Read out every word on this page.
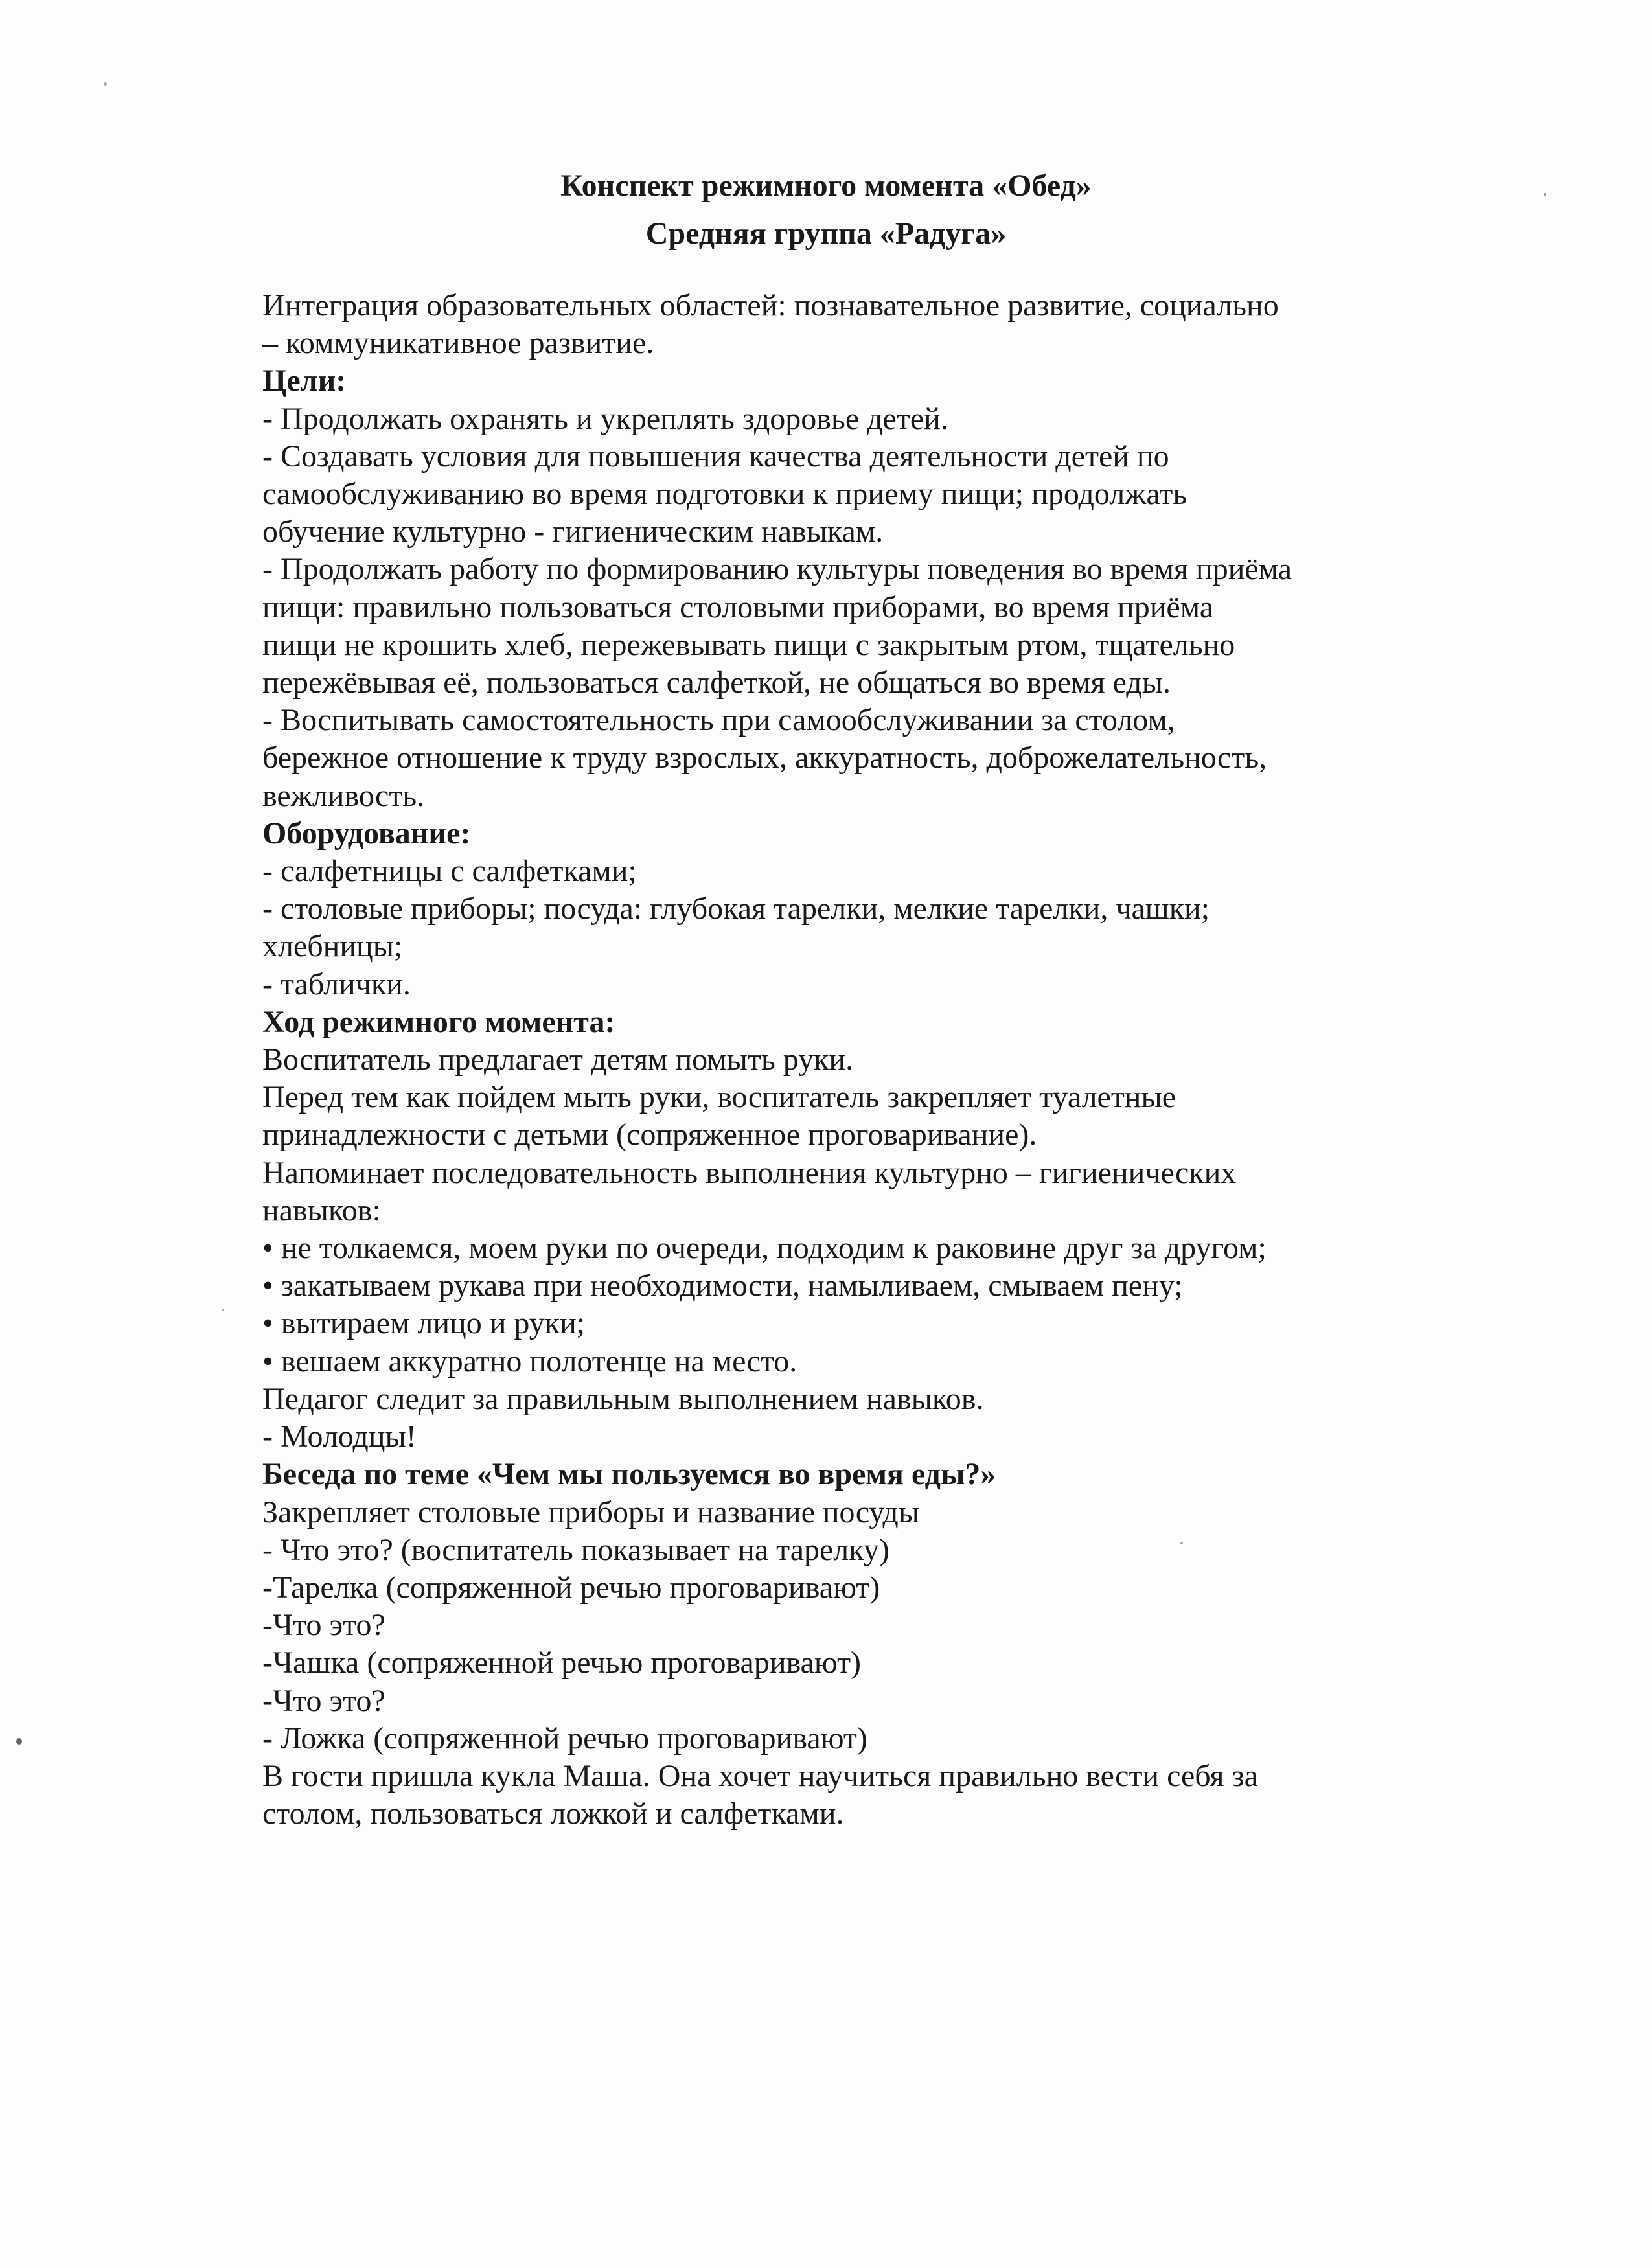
Конспект режимного момента «Обед»
Средняя группа «Радуга»
Интеграция образовательных областей: познавательное развитие, социально
– коммуникативное развитие.
Цели:
- Продолжать охранять и укреплять здоровье детей.
- Создавать условия для повышения качества деятельности детей по
самообслуживанию во время подготовки к приему пищи; продолжать
обучение культурно - гигиеническим навыкам.
- Продолжать работу по формированию культуры поведения во время приёма
пищи: правильно пользоваться столовыми приборами, во время приёма
пищи не крошить хлеб, пережевывать пищи с закрытым ртом, тщательно
пережёвывая её, пользоваться салфеткой, не общаться во время еды.
- Воспитывать самостоятельность при самообслуживании за столом,
бережное отношение к труду взрослых, аккуратность, доброжелательность,
вежливость.
Оборудование:
- салфетницы с салфетками;
- столовые приборы; посуда: глубокая тарелки, мелкие тарелки, чашки;
хлебницы;
- таблички.
Ход режимного момента:
Воспитатель предлагает детям помыть руки.
Перед тем как пойдем мыть руки, воспитатель закрепляет туалетные
принадлежности с детьми (сопряженное проговаривание).
Напоминает последовательность выполнения культурно – гигиенических
навыков:
• не толкаемся, моем руки по очереди, подходим к раковине друг за другом;
• закатываем рукава при необходимости, намыливаем, смываем пену;
• вытираем лицо и руки;
• вешаем аккуратно полотенце на место.
Педагог следит за правильным выполнением навыков.
- Молодцы!
Беседа по теме «Чем мы пользуемся во время еды?»
Закрепляет столовые приборы и название посуды
- Что это? (воспитатель показывает на тарелку)
-Тарелка (сопряженной речью проговаривают)
-Что это?
-Чашка (сопряженной речью проговаривают)
-Что это?
- Ложка (сопряженной речью проговаривают)
В гости пришла кукла Маша. Она хочет научиться правильно вести себя за
столом, пользоваться ложкой и салфетками.
